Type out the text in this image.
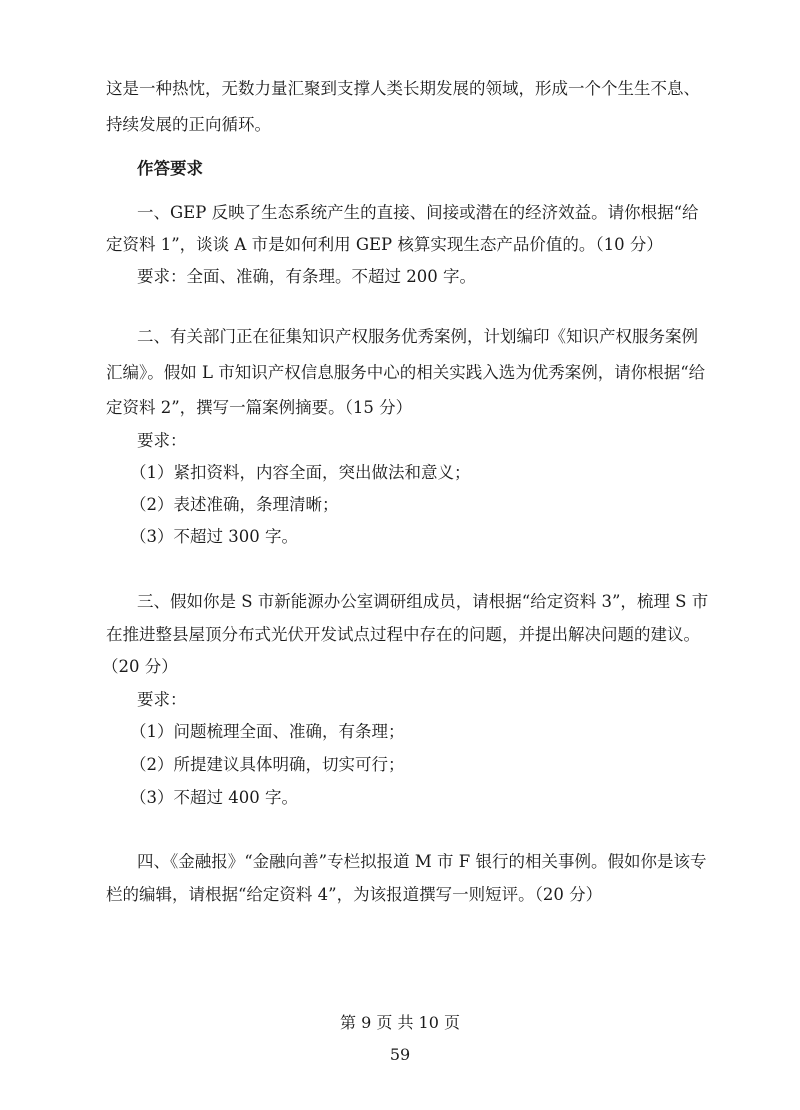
这是一种热忱，无数力量汇聚到支撑人类长期发展的领域，形成一个个生生不息、
持续发展的正向循环。
作答要求
一、GEP 反映了生态系统产生的直接、间接或潜在的经济效益。请你根据“给
定资料 1”，谈谈 A 市是如何利用 GEP 核算实现生态产品价值的。（10 分）
要求：全面、准确，有条理。不超过 200 字。
二、有关部门正在征集知识产权服务优秀案例，计划编印《知识产权服务案例
汇编》。假如 L 市知识产权信息服务中心的相关实践入选为优秀案例，请你根据“给
定资料 2”，撰写一篇案例摘要。（15 分）
要求：
（1）紧扣资料，内容全面，突出做法和意义；
（2）表述准确，条理清晰；
（3）不超过 300 字。
三、假如你是 S 市新能源办公室调研组成员，请根据“给定资料 3”，梳理 S 市
在推进整县屋顶分布式光伏开发试点过程中存在的问题，并提出解决问题的建议。
（20 分）
要求：
（1）问题梳理全面、准确，有条理；
（2）所提建议具体明确，切实可行；
（3）不超过 400 字。
四、《金融报》“金融向善”专栏拟报道 M 市 F 银行的相关事例。假如你是该专
栏的编辑，请根据“给定资料 4”，为该报道撰写一则短评。（20 分）
第 9 页 共 10 页
59
